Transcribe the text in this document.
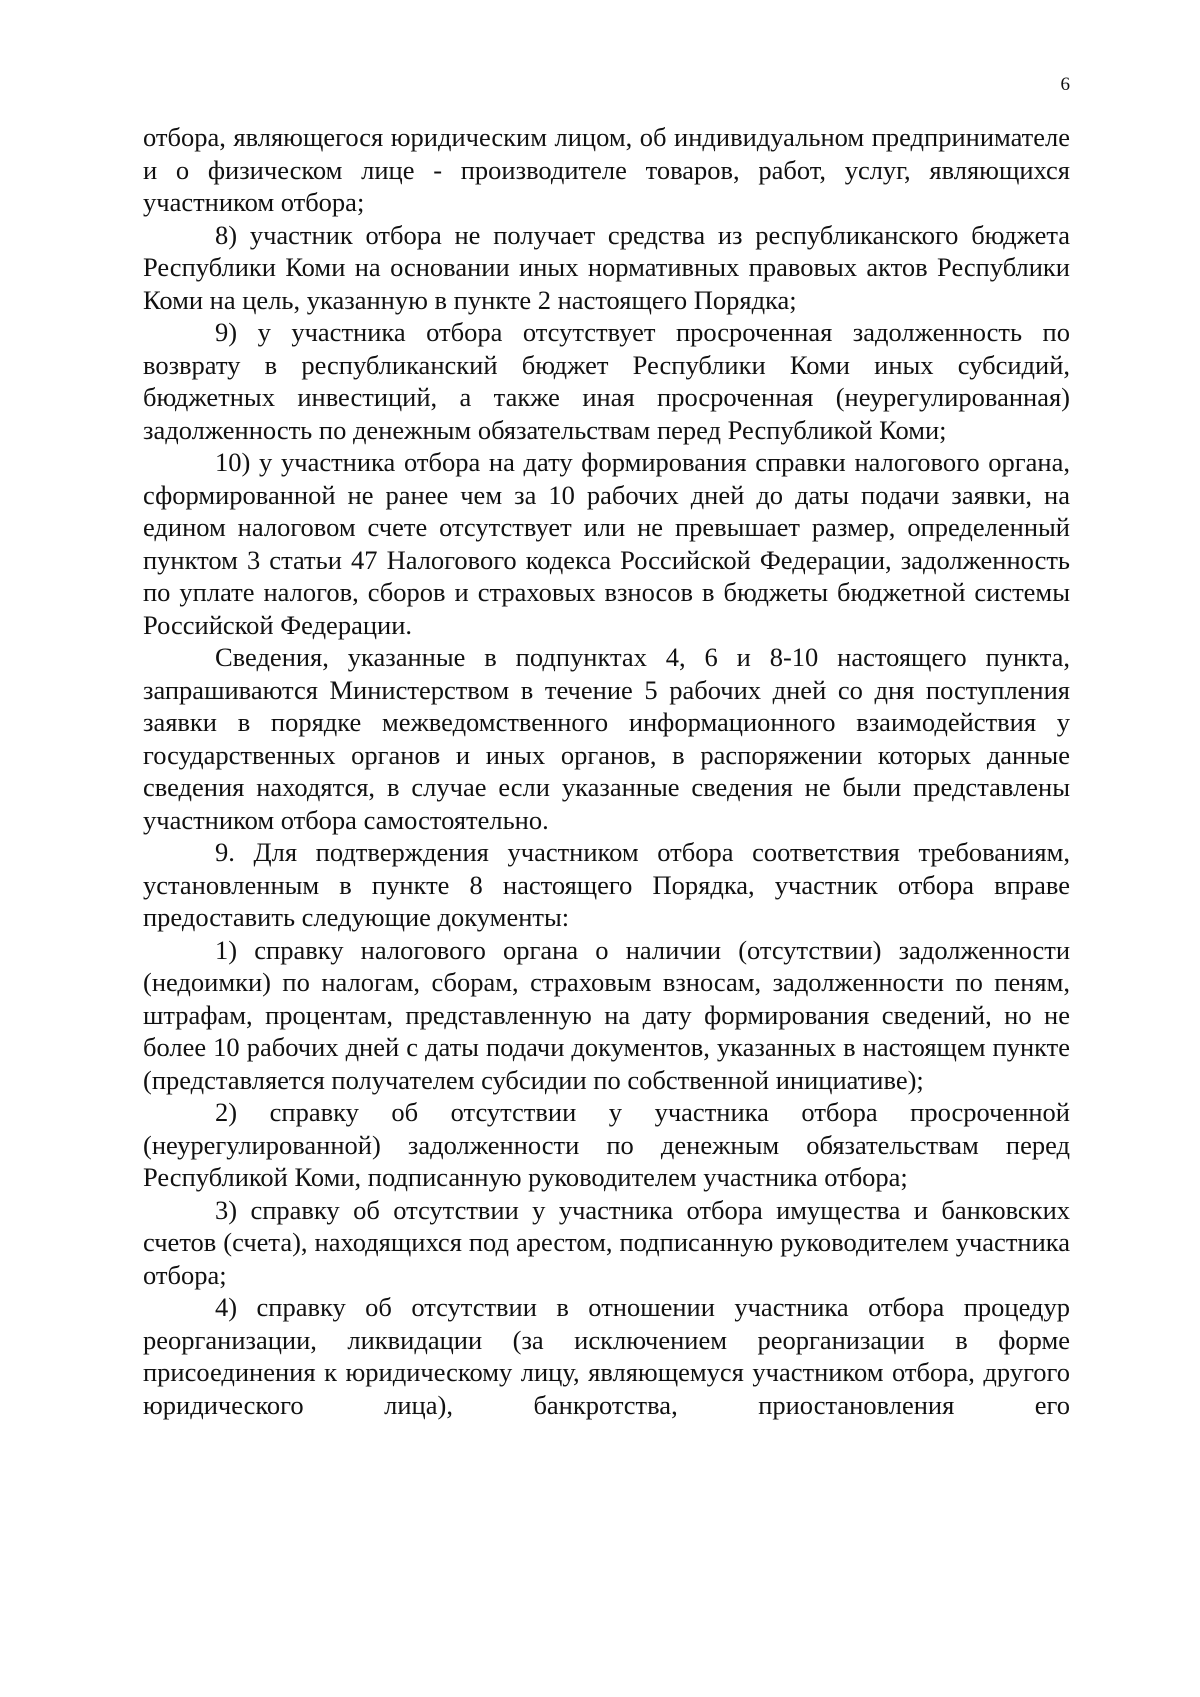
6

отбора, являющегося юридическим лицом, об индивидуальном предпринимателе и о физическом лице - производителе товаров, работ, услуг, являющихся участником отбора;

8) участник отбора не получает средства из республиканского бюджета Республики Коми на основании иных нормативных правовых актов Республики Коми на цель, указанную в пункте 2 настоящего Порядка;

9) у участника отбора отсутствует просроченная задолженность по возврату в республиканский бюджет Республики Коми иных субсидий, бюджетных инвестиций, а также иная просроченная (неурегулированная) задолженность по денежным обязательствам перед Республикой Коми;

10) у участника отбора на дату формирования справки налогового органа, сформированной не ранее чем за 10 рабочих дней до даты подачи заявки, на едином налоговом счете отсутствует или не превышает размер, определенный пунктом 3 статьи 47 Налогового кодекса Российской Федерации, задолженность по уплате налогов, сборов и страховых взносов в бюджеты бюджетной системы Российской Федерации.

Сведения, указанные в подпунктах 4, 6 и 8-10 настоящего пункта, запрашиваются Министерством в течение 5 рабочих дней со дня поступления заявки в порядке межведомственного информационного взаимодействия у государственных органов и иных органов, в распоряжении которых данные сведения находятся, в случае если указанные сведения не были представлены участником отбора самостоятельно.

9. Для подтверждения участником отбора соответствия требованиям, установленным в пункте 8 настоящего Порядка, участник отбора вправе предоставить следующие документы:

1) справку налогового органа о наличии (отсутствии) задолженности (недоимки) по налогам, сборам, страховым взносам, задолженности по пеням, штрафам, процентам, представленную на дату формирования сведений, но не более 10 рабочих дней с даты подачи документов, указанных в настоящем пункте (представляется получателем субсидии по собственной инициативе);

2) справку об отсутствии у участника отбора просроченной (неурегулированной) задолженности по денежным обязательствам перед Республикой Коми, подписанную руководителем участника отбора;

3) справку об отсутствии у участника отбора имущества и банковских счетов (счета), находящихся под арестом, подписанную руководителем участника отбора;

4) справку об отсутствии в отношении участника отбора процедур реорганизации, ликвидации (за исключением реорганизации в форме присоединения к юридическому лицу, являющемуся участником отбора, другого юридического лица), банкротства, приостановления его
